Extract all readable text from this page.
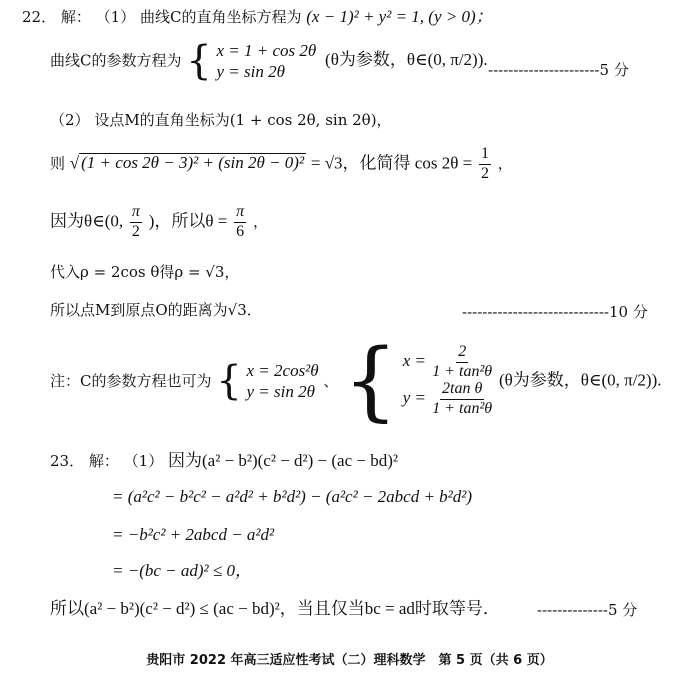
22． 解： （1） 曲线C的直角坐标方程为 (x − 1)² + y² = 1, (y > 0)；
曲线C的参数方程为 { x = 1 + cos 2θ
y = sin 2θ
(θ为参数，θ∈(0, π/2)).
----------------------5 分
（2） 设点M的直角坐标为(1 + cos 2θ, sin 2θ)，
则 √ (1 + cos 2θ − 3)² + (sin 2θ − 0)² = √3，化简得 $\cos 2\theta = \frac{1}{2}$ ，
因为θ∈(0, $\frac{\pi}{2}$ )，所以$\theta = \frac{\pi}{6}$ ，
代入ρ = 2cos θ得ρ = √3，
所以点M到原点O的距离为√3．	-----------------------------10 分
注：C的参数方程也可为 { x = 2cos²θ
y = sin 2θ
、 { $x = \frac{2}{\text{1 + tan²θ}}$
$y = \frac{\text{2tan θ}}{\text{1 + tan²θ}}$
(θ为参数，θ∈(0, π/2)).
23． 解： （1） 因为(a² − b²)(c² − d²) − (ac − bd)²
= (a²c² − b²c² − a²d² + b²d²) − (a²c² − 2abcd + b²d²)
= −b²c² + 2abcd − a²d²
= −(bc − ad)² ≤ 0，
所以(a² − b²)(c² − d²) ≤ (ac − bd)²，当且仅当bc = ad时取等号． --------------5 分
贵阳市 2022 年高三适应性考试（二）理科数学　第 5 页（共 6 页）
